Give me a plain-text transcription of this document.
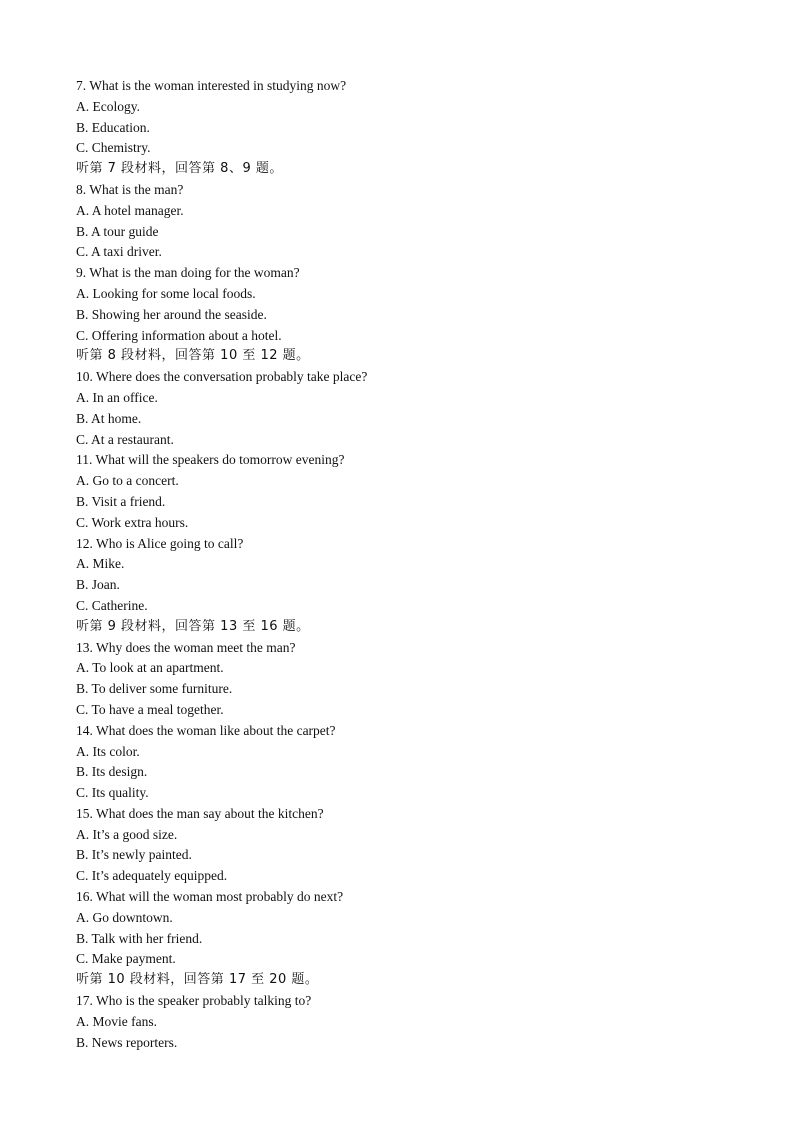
7. What is the woman interested in studying now?
A. Ecology.
B. Education.
C. Chemistry.
听第 7 段材料，回答第 8、9 题。
8. What is the man?
A. A hotel manager.
B. A tour guide
C. A taxi driver.
9. What is the man doing for the woman?
A. Looking for some local foods.
B. Showing her around the seaside.
C. Offering information about a hotel.
听第 8 段材料，回答第 10 至 12 题。
10. Where does the conversation probably take place?
A. In an office.
B. At home.
C. At a restaurant.
11. What will the speakers do tomorrow evening?
A. Go to a concert.
B. Visit a friend.
C. Work extra hours.
12. Who is Alice going to call?
A. Mike.
B. Joan.
C. Catherine.
听第 9 段材料，回答第 13 至 16 题。
13. Why does the woman meet the man?
A. To look at an apartment.
B. To deliver some furniture.
C. To have a meal together.
14. What does the woman like about the carpet?
A. Its color.
B. Its design.
C. Its quality.
15. What does the man say about the kitchen?
A. It’s a good size.
B. It’s newly painted.
C. It’s adequately equipped.
16. What will the woman most probably do next?
A. Go downtown.
B. Talk with her friend.
C. Make payment.
听第 10 段材料，回答第 17 至 20 题。
17. Who is the speaker probably talking to?
A. Movie fans.
B. News reporters.
